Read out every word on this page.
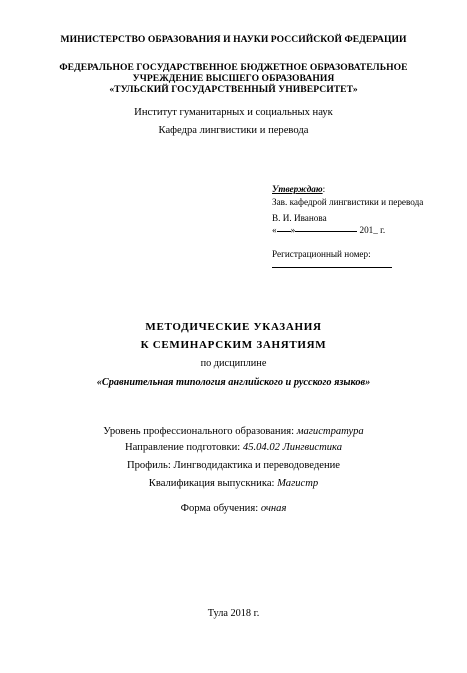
МИНИСТЕРСТВО ОБРАЗОВАНИЯ И НАУКИ РОССИЙСКОЙ ФЕДЕРАЦИИ
ФЕДЕРАЛЬНОЕ ГОСУДАРСТВЕННОЕ БЮДЖЕТНОЕ ОБРАЗОВАТЕЛЬНОЕ
УЧРЕЖДЕНИЕ ВЫСШЕГО ОБРАЗОВАНИЯ
«ТУЛЬСКИЙ ГОСУДАРСТВЕННЫЙ УНИВЕРСИТЕТ»
Институт гуманитарных и социальных наук
Кафедра лингвистики и перевода
Утверждаю:
Зав. кафедрой лингвистики и перевода
В. И. Иванова
« »	201_ г.
Регистрационный номер:
МЕТОДИЧЕСКИЕ УКАЗАНИЯ
К СЕМИНАРСКИМ ЗАНЯТИЯМ
по дисциплине
«Сравнительная типология английского и русского языков»
Уровень профессионального образования: магистратура
Направление подготовки: 45.04.02 Лингвистика
Профиль: Лингводидактика и переводоведение
Квалификация выпускника: Магистр
Форма обучения: очная
Тула 2018 г.
